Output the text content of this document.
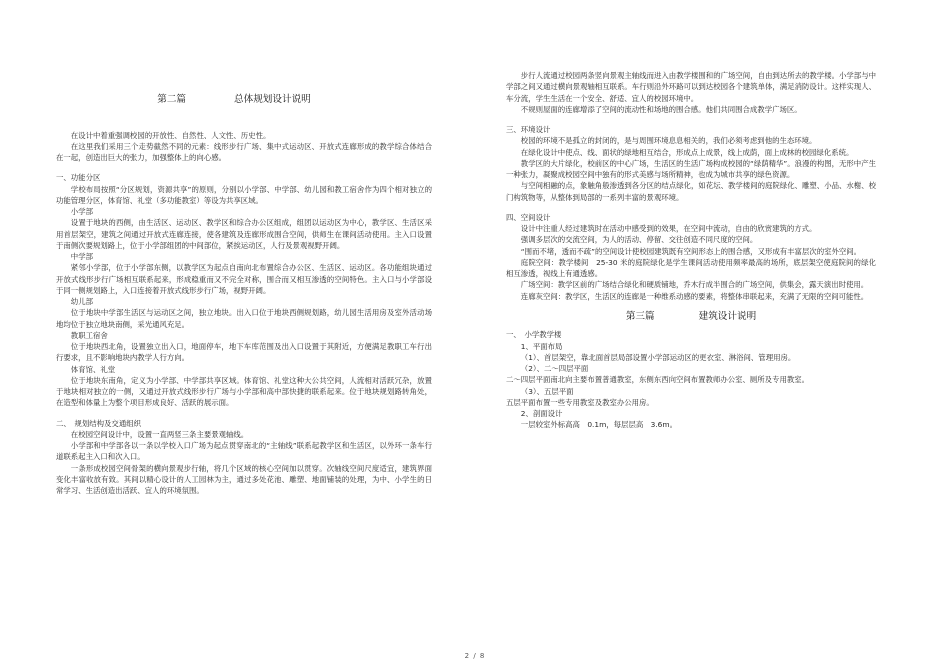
第二篇	总体规划设计说明

在设计中着重强调校园的开放性、自然性、人文性、历史性。

在这里我们采用三个走势截然不同的元素：线形步行广场、集中式运动区、开放式连廊形成的教学综合体结合在一起，创造出巨大的张力，加强整体上的向心感。

一、功能分区

学校布局按照“分区规划，资源共享”的原则，分别以小学部、中学部、幼儿园和教工宿舍作为四个相对独立的功能管理分区，体育馆、礼堂（多功能教室）等设为共享区域。

小学部

设置于地块的西侧，由生活区、运动区、教学区和综合办公区组成，组团以运动区为中心，教学区、生活区采用首层架空，建筑之间通过开放式连廊连接，使各建筑及连廊形成围合空间，供师生在课间活动使用。主入口设置于南侧次要规划路上，位于小学部组团的中间部位，紧挨运动区，人行及景观视野开阔。

中学部

紧邻小学部，位于小学部东侧，以教学区为起点自南向北布置综合办公区、生活区、运动区。各功能组块通过开放式线形步行广场相互联系起来，形成稳重而又不完全对称，围合而又相互渗透的空间特色。主入口与小学部设于同一侧规划路上，入口连接着开放式线形步行广场，视野开阔。

幼儿部

位于地块中学部生活区与运动区之间，独立地块。出入口位于地块西侧规划路，幼儿园生活用房及室外活动场地均位于独立地块南侧，采光通风充足。

教职工宿舍

位于地块西北角，设置独立出入口，地面停车，地下车库范围及出入口设置于其附近，方便满足教职工车行出行要求，且不影响地块内教学人行方向。

体育馆、礼堂

位于地块东南角，定义为小学部、中学部共享区域。体育馆、礼堂这种大公共空间，人流相对活跃冗杂，放置于地块相对独立的一侧，又通过开放式线形步行广场与小学部和高中部快捷的联系起来。位于地块规划路转角处，在造型和体量上为整个项目形成良好、活跃的展示面。

二、　规划结构及交通组织

在校园空间设计中，设置一直两竖三条主要景观轴线。

小学部和中学部各以一条以学校入口广场为起点贯穿南北的“主轴线”联系起教学区和生活区，以外环一条车行道联系起主入口和次入口。

一条形成校园空间骨架的横向景观步行轴，将几个区域的核心空间加以贯穿。次轴线空间尺度适宜，建筑界面变化丰富收放有致。其间以精心设计的人工园林为主，通过多处花池、雕塑、地面铺装的处理，为中、小学生的日常学习、生活创造出活跃、宜人的环境氛围。

步行人流通过校园两条竖向景观主轴线而进入由教学楼围和的广场空间，自由到达所去的教学楼。小学部与中学部之间又通过横向景观轴相互联系。车行则沿外环路可以到达校园各个建筑单体，满足消防设计。这样实现人、车分流，学生生活在一个安全、舒适、宜人的校园环境中。

不规则屋面的连廊增添了空间的流动性和场地的围合感。他们共同围合成教学广场区。

三、环境设计

校园的环境不是孤立的封闭的，是与周围环境息息相关的，我们必须考虑到他的生态环境。

在绿化设计中使点、线、面状的绿地相互结合，形成点上成景，线上成荫，面上成林的校园绿化系统。

教学区的大片绿化，校前区的中心广场，生活区的生活广场构成校园的“绿荫精华”。浪漫的构图，无形中产生一种张力，凝聚成校园空间中独有的形式美感与场所精神，也成为城市共享的绿色资源。

与空间相融的点，象触角般渗透到各分区的结点绿化，如花坛、教学楼间的庭院绿化、雕塑、小品、水榭、校门构筑物等，从整体到局部的一系列丰富的景观环境。

四、空间设计

设计中注重人经过建筑时在活动中感受到的效果，在空间中流动，自由的欣赏建筑的方式。

强调多层次的交流空间，为人的活动、停留、交往创造不同尺度的空间。

“围而不堵，透而不疏”的空间设计使校园建筑既有空间形态上的围合感，又形成有丰富层次的室外空间。

庭院空间：教学楼间　25-30 米的庭院绿化是学生课间活动使用频率最高的场所，底层架空使庭院间的绿化相互渗透，视线上有通透感。

广场空间：教学区前的广场结合绿化和硬质铺地，乔木行成半围合的广场空间，供集会，露天演出时使用。

连廊灰空间：教学区，生活区的连廊是一种维系动感的要素，将整体串联起来，充满了无限的空间可能性。

第三篇	建筑设计说明

一、　小学教学楼

1、平面布局

（1）、首层架空，靠北面首层局部设置小学部运动区的更衣室、淋浴间、管理用房。

（2）、二～四层平面

二～四层平面南北向主要布置普通教室，东侧东西向空间布置教师办公室、厕所及专用教室。

（3）、五层平面

五层平面布置一些专用教室及教室办公用房。

2、剖面设计

一层较室外标高高　0.1m，每层层高　3.6m。

2 / 8
